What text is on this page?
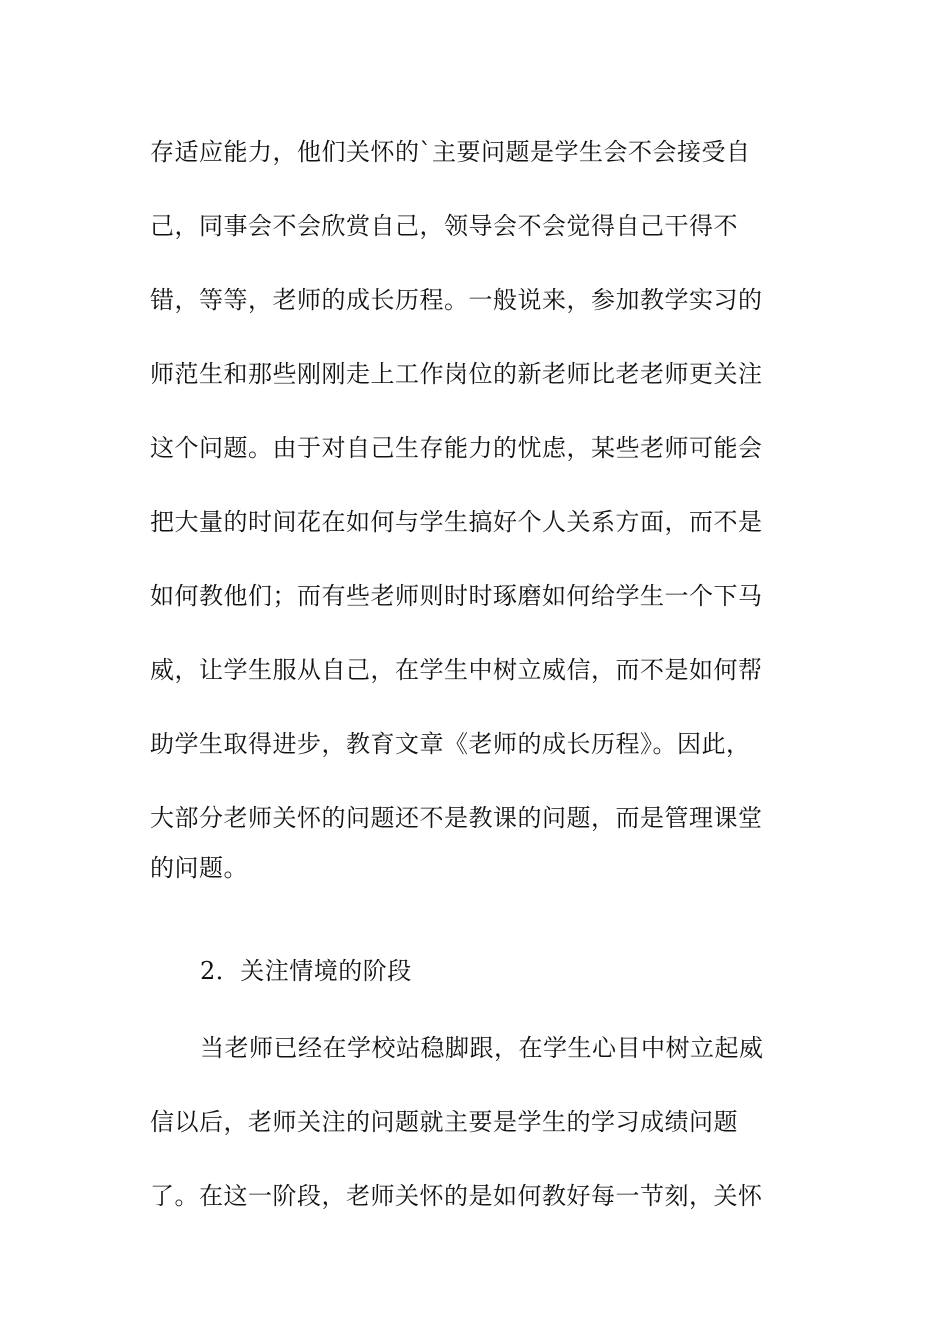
存适应能力，他们关怀的`主要问题是学生会不会接受自
己，同事会不会欣赏自己，领导会不会觉得自己干得不
错，等等，老师的成长历程。一般说来，参加教学实习的
师范生和那些刚刚走上工作岗位的新老师比老老师更关注
这个问题。由于对自己生存能力的忧虑，某些老师可能会
把大量的时间花在如何与学生搞好个人关系方面，而不是
如何教他们；而有些老师则时时琢磨如何给学生一个下马
威，让学生服从自己，在学生中树立威信，而不是如何帮
助学生取得进步，教育文章《老师的成长历程》。因此，
大部分老师关怀的问题还不是教课的问题，而是管理课堂
的问题。
2．关注情境的阶段
当老师已经在学校站稳脚跟，在学生心目中树立起威
信以后，老师关注的问题就主要是学生的学习成绩问题
了。在这一阶段，老师关怀的是如何教好每一节刻，关怀
